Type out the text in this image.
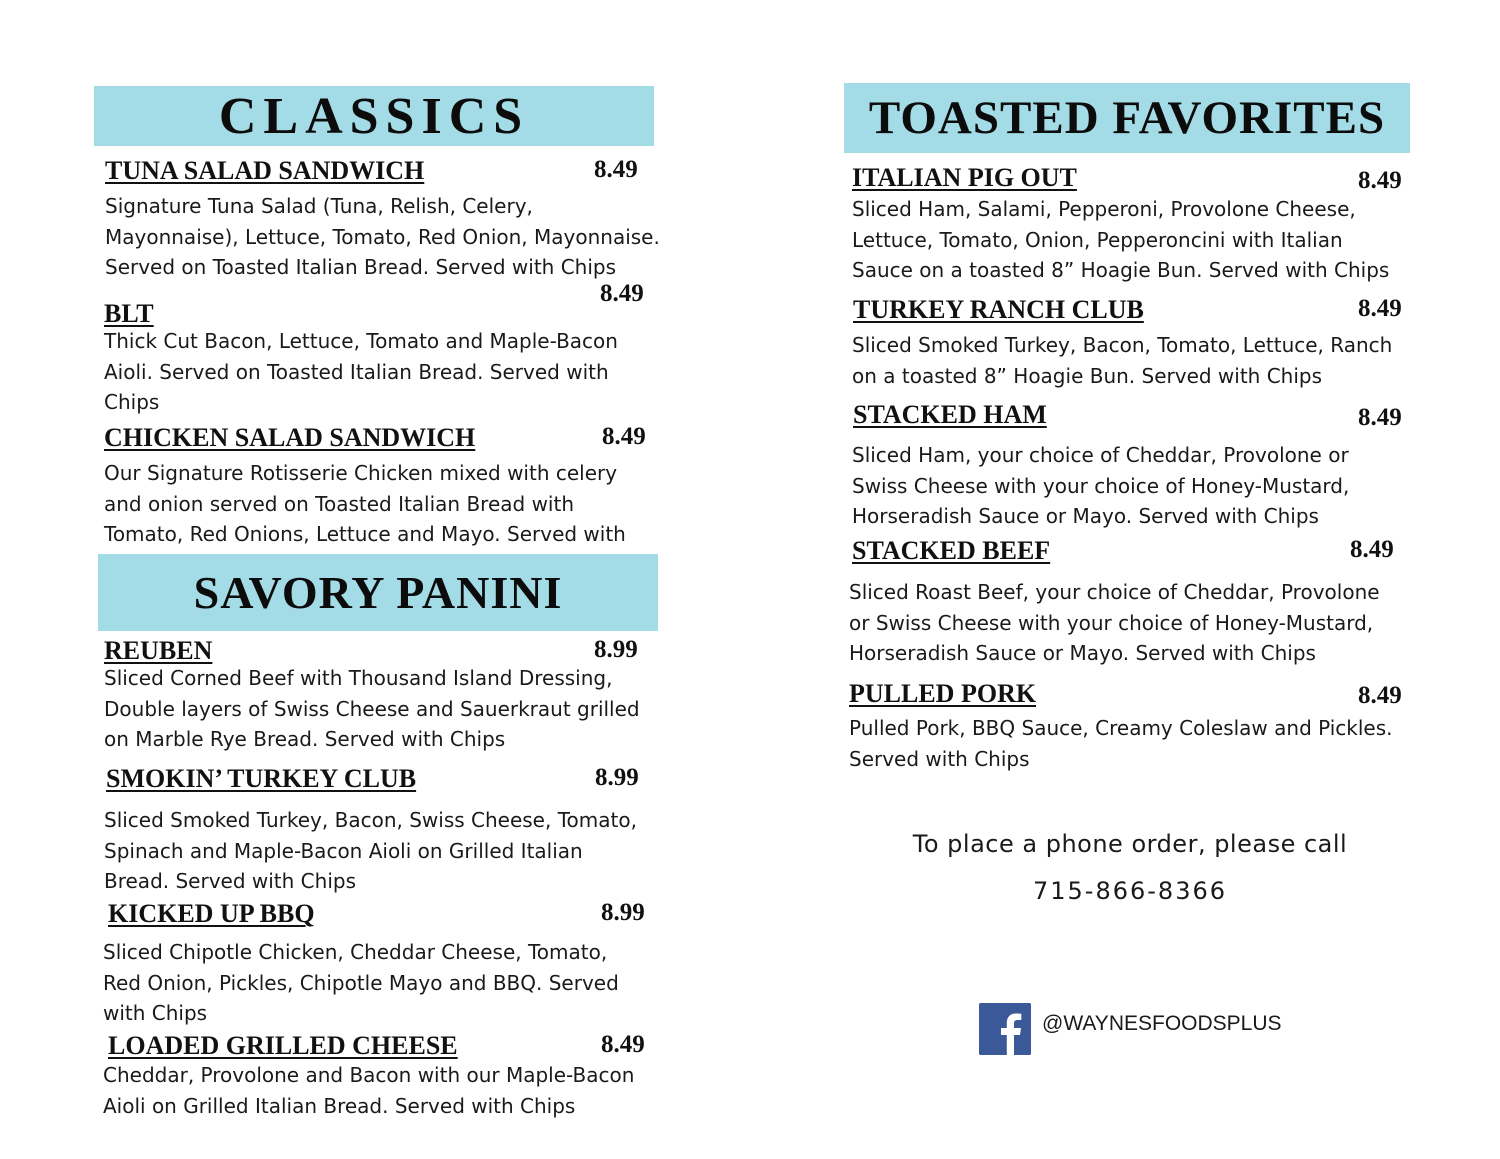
CLASSICS
TUNA SALAD SANDWICH	8.49
Signature Tuna Salad (Tuna, Relish, Celery, Mayonnaise), Lettuce, Tomato, Red Onion, Mayonnaise. Served on Toasted Italian Bread. Served with Chips
BLT
8.49
Thick Cut Bacon, Lettuce, Tomato and Maple-Bacon Aioli. Served on Toasted Italian Bread. Served with Chips
CHICKEN SALAD SANDWICH	8.49
Our Signature Rotisserie Chicken mixed with celery and onion served on Toasted Italian Bread with Tomato, Red Onions, Lettuce and Mayo. Served with
SAVORY PANINI
REUBEN	8.99
Sliced Corned Beef with Thousand Island Dressing, Double layers of Swiss Cheese and Sauerkraut grilled on Marble Rye Bread. Served with Chips
SMOKIN’ TURKEY CLUB	8.99
Sliced Smoked Turkey, Bacon, Swiss Cheese, Tomato, Spinach and Maple-Bacon Aioli on Grilled Italian Bread. Served with Chips
KICKED UP BBQ	8.99
Sliced Chipotle Chicken, Cheddar Cheese, Tomato, Red Onion, Pickles, Chipotle Mayo and BBQ. Served with Chips
LOADED GRILLED CHEESE	8.49
Cheddar, Provolone and Bacon with our Maple-Bacon Aioli on Grilled Italian Bread. Served with Chips
TOASTED FAVORITES
ITALIAN PIG OUT	8.49
Sliced Ham, Salami, Pepperoni, Provolone Cheese, Lettuce, Tomato, Onion, Pepperoncini with Italian Sauce on a toasted 8” Hoagie Bun. Served with Chips
TURKEY RANCH CLUB	8.49
Sliced Smoked Turkey, Bacon, Tomato, Lettuce, Ranch on a toasted 8” Hoagie Bun. Served with Chips
STACKED HAM	8.49
Sliced Ham, your choice of Cheddar, Provolone or Swiss Cheese with your choice of Honey-Mustard, Horseradish Sauce or Mayo. Served with Chips
STACKED BEEF	8.49
Sliced Roast Beef, your choice of Cheddar, Provolone or Swiss Cheese with your choice of Honey-Mustard, Horseradish Sauce or Mayo. Served with Chips
PULLED PORK	8.49
Pulled Pork, BBQ Sauce, Creamy Coleslaw and Pickles. Served with Chips
To place a phone order, please call
715-866-8366
@WAYNESFOODSPLUS
